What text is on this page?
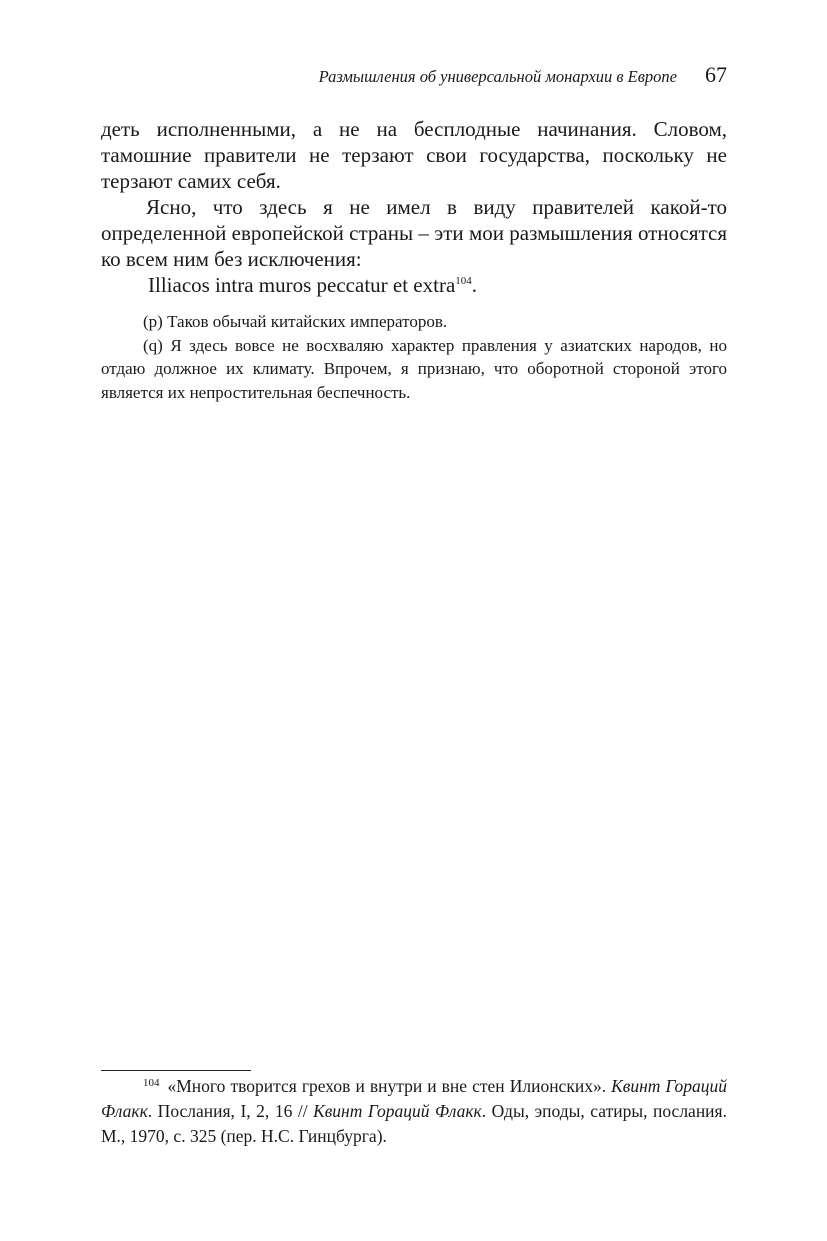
Размышления об универсальной монархии в Европе 67

деть исполненными, а не на бесплодные начинания. Словом, тамошние правители не терзают свои государства, поскольку не терзают самих себя.

Ясно, что здесь я не имел в виду правителей какой-то определенной европейской страны – эти мои размышления относятся ко всем ним без исключения:

Illiacos intra muros peccatur et extra$^{104}$.

(p) Таков обычай китайских императоров.

(q) Я здесь вовсе не восхваляю характер правления у азиатских народов, но отдаю должное их климату. Впрочем, я признаю, что оборотной стороной этого является их непростительная беспечность.

$^{104}$ «Много творится грехов и внутри и вне стен Илионских». Квинт Гораций Флакк. Послания, I, 2, 16 // Квинт Гораций Флакк. Оды, эподы, сатиры, послания. М., 1970, с. 325 (пер. Н.С. Гинцбурга).
